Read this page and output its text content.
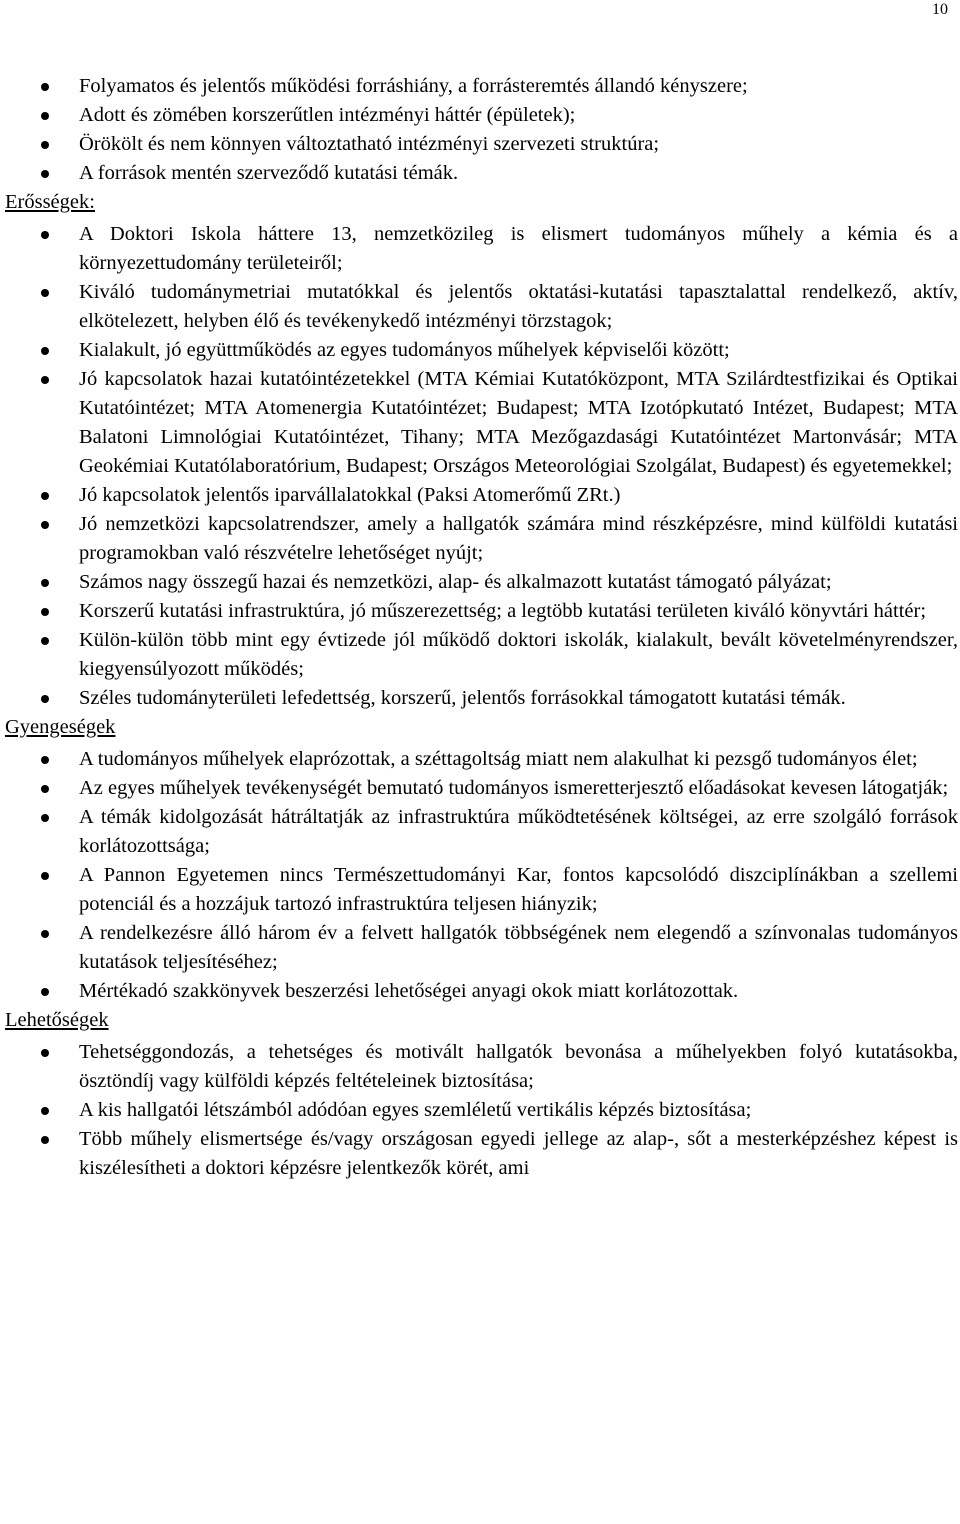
10
Folyamatos és jelentős működési forráshiány, a forrásteremtés állandó kényszere;
Adott és zömében korszerűtlen intézményi háttér (épületek);
Örökölt és nem könnyen változtatható intézményi szervezeti struktúra;
A források mentén szerveződő kutatási témák.

Erősségek:

A Doktori Iskola háttere 13, nemzetközileg is elismert tudományos műhely a kémia és a környezettudomány területeiről;
Kiváló tudománymetriai mutatókkal és jelentős oktatási-kutatási tapasztalattal rendelkező, aktív, elkötelezett, helyben élő és tevékenykedő intézményi törzstagok;
Kialakult, jó együttműködés az egyes tudományos műhelyek képviselői között;
Jó kapcsolatok hazai kutatóintézetekkel (MTA Kémiai Kutatóközpont, MTA Szilárdtestfizikai és Optikai Kutatóintézet; MTA Atomenergia Kutatóintézet; Budapest; MTA Izotópkutató Intézet, Budapest; MTA Balatoni Limnológiai Kutatóintézet, Tihany; MTA Mezőgazdasági Kutatóintézet Martonvásár; MTA Geokémiai Kutatólaboratórium, Budapest; Országos Meteorológiai Szolgálat, Budapest) és egyetemekkel;
Jó kapcsolatok jelentős iparvállalatokkal (Paksi Atomerőmű ZRt.)
Jó nemzetközi kapcsolatrendszer, amely a hallgatók számára mind részképzésre, mind külföldi kutatási programokban való részvételre lehetőséget nyújt;
Számos nagy összegű hazai és nemzetközi, alap- és alkalmazott kutatást támogató pályázat;
Korszerű kutatási infrastruktúra, jó műszerezettség; a legtöbb kutatási területen kiváló könyvtári háttér;
Külön-külön több mint egy évtizede jól működő doktori iskolák, kialakult, bevált követelményrendszer, kiegyensúlyozott működés;
Széles tudományterületi lefedettség, korszerű, jelentős forrásokkal támogatott kutatási témák.

Gyengeségek

A tudományos műhelyek elaprózottak, a széttagoltság miatt nem alakulhat ki pezsgő tudományos élet;
Az egyes műhelyek tevékenységét bemutató tudományos ismeretterjesztő előadásokat kevesen látogatják;
A témák kidolgozását hátráltatják az infrastruktúra működtetésének költségei, az erre szolgáló források korlátozottsága;
A Pannon Egyetemen nincs Természettudományi Kar, fontos kapcsolódó diszciplínákban a szellemi potenciál és a hozzájuk tartozó infrastruktúra teljesen hiányzik;
A rendelkezésre álló három év a felvett hallgatók többségének nem elegendő a színvonalas tudományos kutatások teljesítéséhez;
Mértékadó szakkönyvek beszerzési lehetőségei anyagi okok miatt korlátozottak.

Lehetőségek

Tehetséggondozás, a tehetséges és motivált hallgatók bevonása a műhelyekben folyó kutatásokba, ösztöndíj vagy külföldi képzés feltételeinek biztosítása;
A kis hallgatói létszámból adódóan egyes szemléletű vertikális képzés biztosítása;
Több műhely elismertsége és/vagy országosan egyedi jellege az alap-, sőt a mesterképzéshez képest is kiszélesítheti a doktori képzésre jelentkezők körét, ami
